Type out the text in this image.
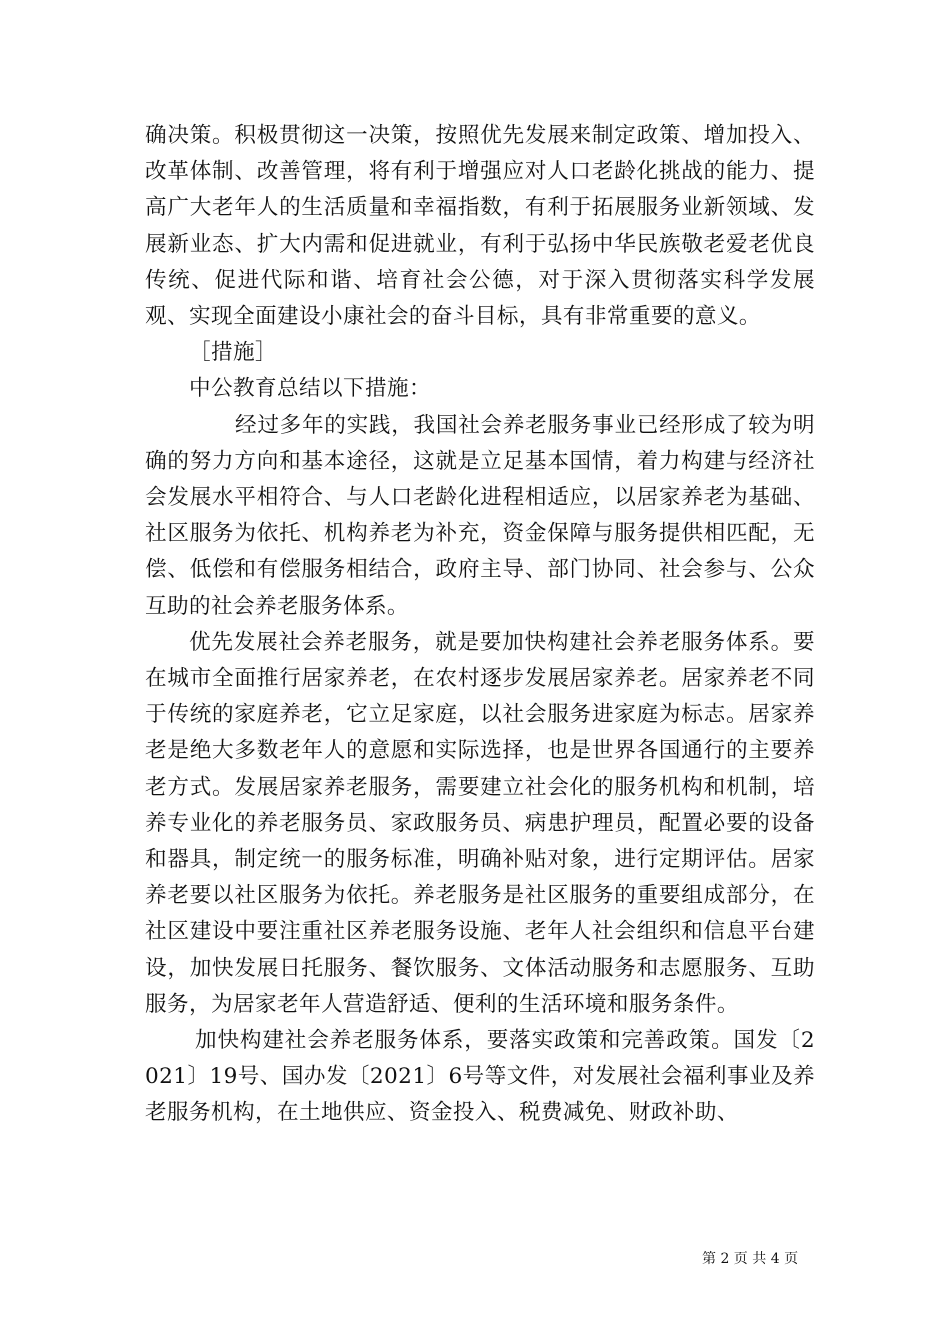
确决策。积极贯彻这一决策，按照优先发展来制定政策、增加投入、改革体制、改善管理，将有利于增强应对人口老龄化挑战的能力、提高广大老年人的生活质量和幸福指数，有利于拓展服务业新领域、发展新业态、扩大内需和促进就业，有利于弘扬中华民族敬老爱老优良传统、促进代际和谐、培育社会公德，对于深入贯彻落实科学发展观、实现全面建设小康社会的奋斗目标，具有非常重要的意义。

［措施］

中公教育总结以下措施：

经过多年的实践，我国社会养老服务事业已经形成了较为明确的努力方向和基本途径，这就是立足基本国情，着力构建与经济社会发展水平相符合、与人口老龄化进程相适应，以居家养老为基础、社区服务为依托、机构养老为补充，资金保障与服务提供相匹配，无偿、低偿和有偿服务相结合，政府主导、部门协同、社会参与、公众互助的社会养老服务体系。

优先发展社会养老服务，就是要加快构建社会养老服务体系。要在城市全面推行居家养老，在农村逐步发展居家养老。居家养老不同于传统的家庭养老，它立足家庭，以社会服务进家庭为标志。居家养老是绝大多数老年人的意愿和实际选择，也是世界各国通行的主要养老方式。发展居家养老服务，需要建立社会化的服务机构和机制，培养专业化的养老服务员、家政服务员、病患护理员，配置必要的设备和器具，制定统一的服务标准，明确补贴对象，进行定期评估。居家养老要以社区服务为依托。养老服务是社区服务的重要组成部分，在社区建设中要注重社区养老服务设施、老年人社会组织和信息平台建设，加快发展日托服务、餐饮服务、文体活动服务和志愿服务、互助服务，为居家老年人营造舒适、便利的生活环境和服务条件。

加快构建社会养老服务体系，要落实政策和完善政策。国发〔2021〕19号、国办发〔2021〕6号等文件，对发展社会福利事业及养老服务机构，在土地供应、资金投入、税费减免、财政补助、

第 2 页 共 4 页
